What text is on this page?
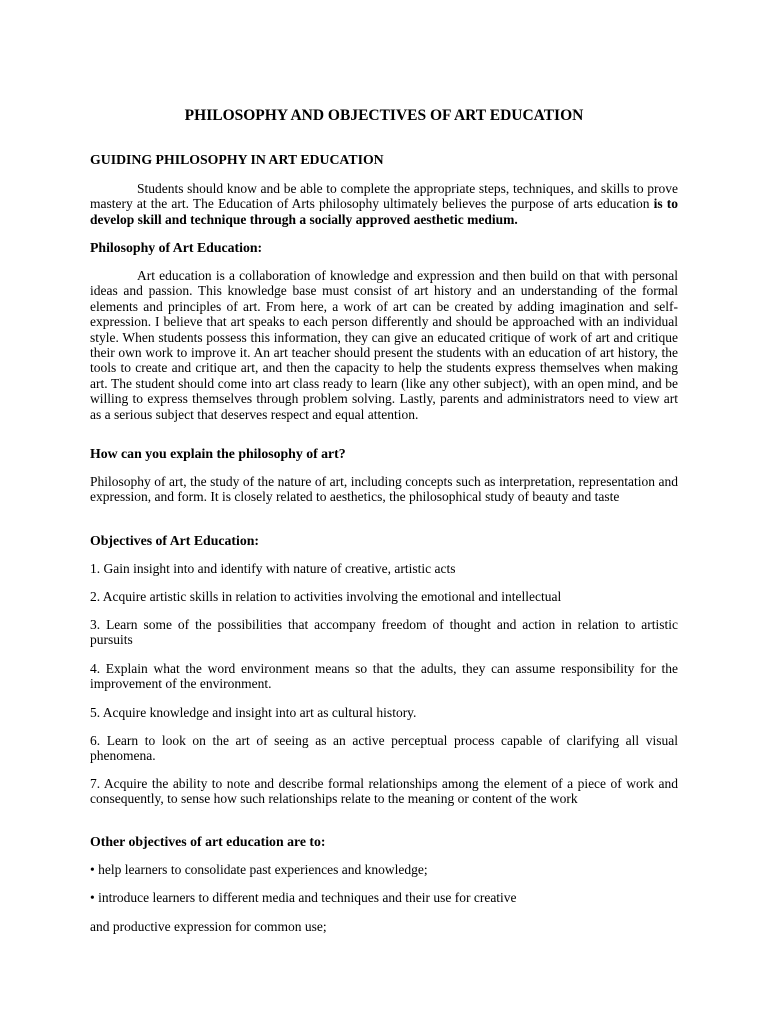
PHILOSOPHY AND OBJECTIVES OF ART EDUCATION

GUIDING PHILOSOPHY IN ART EDUCATION

Students should know and be able to complete the appropriate steps, techniques, and skills to prove mastery at the art. The Education of Arts philosophy ultimately believes the purpose of arts education is to develop skill and technique through a socially approved aesthetic medium.

Philosophy of Art Education:

Art education is a collaboration of knowledge and expression and then build on that with personal ideas and passion. This knowledge base must consist of art history and an understanding of the formal elements and principles of art. From here, a work of art can be created by adding imagination and self-expression. I believe that art speaks to each person differently and should be approached with an individual style. When students possess this information, they can give an educated critique of work of art and critique their own work to improve it. An art teacher should present the students with an education of art history, the tools to create and critique art, and then the capacity to help the students express themselves when making art. The student should come into art class ready to learn (like any other subject), with an open mind, and be willing to express themselves through problem solving. Lastly, parents and administrators need to view art as a serious subject that deserves respect and equal attention.

How can you explain the philosophy of art?

Philosophy of art, the study of the nature of art, including concepts such as interpretation, representation and expression, and form. It is closely related to aesthetics, the philosophical study of beauty and taste

Objectives of Art Education:

1. Gain insight into and identify with nature of creative, artistic acts

2. Acquire artistic skills in relation to activities involving the emotional and intellectual

3. Learn some of the possibilities that accompany freedom of thought and action in relation to artistic pursuits

4. Explain what the word environment means so that the adults, they can assume responsibility for the improvement of the environment.

5. Acquire knowledge and insight into art as cultural history.

6. Learn to look on the art of seeing as an active perceptual process capable of clarifying all visual phenomena.

7. Acquire the ability to note and describe formal relationships among the element of a piece of work and consequently, to sense how such relationships relate to the meaning or content of the work

Other objectives of art education are to:

• help learners to consolidate past experiences and knowledge;

• introduce learners to different media and techniques and their use for creative

and productive expression for common use;
